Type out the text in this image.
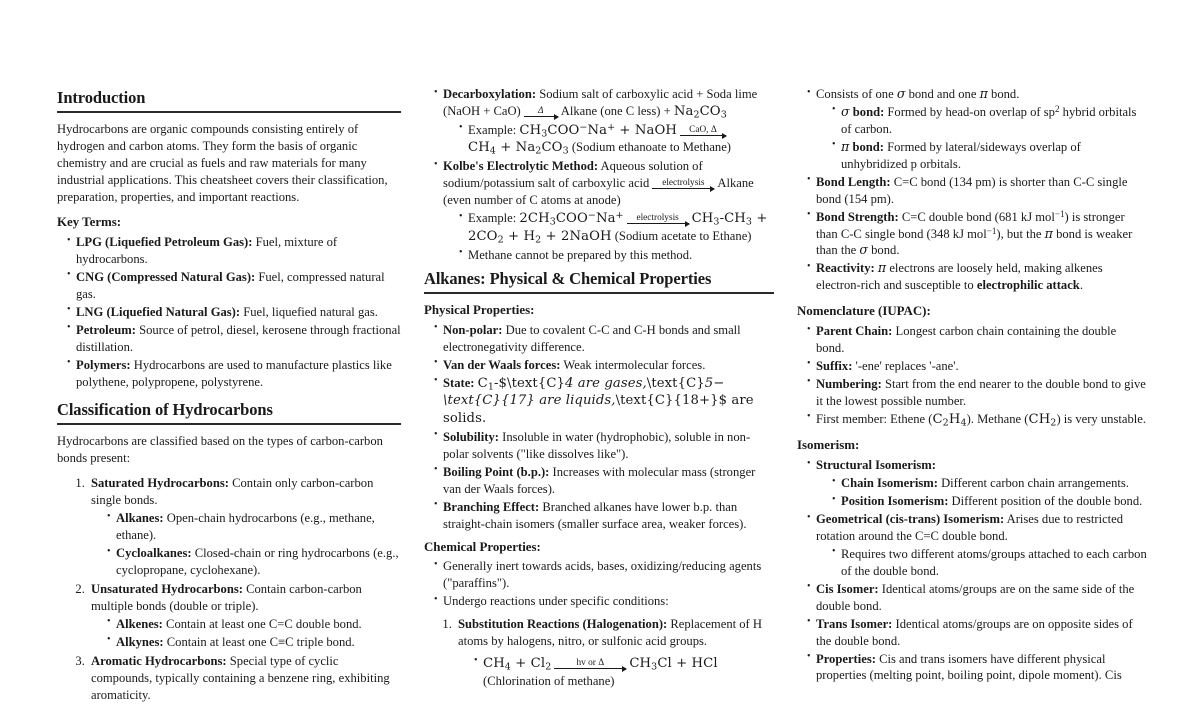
Introduction

Hydrocarbons are organic compounds consisting entirely of hydrogen and carbon atoms. They form the basis of organic chemistry and are crucial as fuels and raw materials for many industrial applications. This cheatsheet covers their classification, preparation, properties, and important reactions.

Key Terms:

• LPG (Liquefied Petroleum Gas): Fuel, mixture of hydrocarbons.
• CNG (Compressed Natural Gas): Fuel, compressed natural gas.
• LNG (Liquefied Natural Gas): Fuel, liquefied natural gas.
• Petroleum: Source of petrol, diesel, kerosene through fractional distillation.
• Polymers: Hydrocarbons are used to manufacture plastics like polythene, polypropene, polystyrene.
Classification of Hydrocarbons

Hydrocarbons are classified based on the types of carbon-carbon bonds present:

1. Saturated Hydrocarbons: Contain only carbon-carbon single bonds.
• Alkanes: Open-chain hydrocarbons (e.g., methane, ethane).
• Cycloalkanes: Closed-chain or ring hydrocarbons (e.g., cyclopropane, cyclohexane).
2. Unsaturated Hydrocarbons: Contain carbon-carbon multiple bonds (double or triple).
• Alkenes: Contain at least one C=C double bond.
• Alkynes: Contain at least one C≡C triple bond.
3. Aromatic Hydrocarbons: Special type of cyclic compounds, typically containing a benzene ring, exhibiting aromaticity.
• Decarboxylation: Sodium salt of carboxylic acid + Soda lime (NaOH + CaO)	Δ	Alkane (one C less) + $Na_2CO_3$
• Example: $CH_3COO^-Na^+$ + NaOH	CaO, Δ

$CH_4 + Na_2CO_3$ (Sodium ethanoate to Methane)
• Kolbe's Electrolytic Method: Aqueous solution of sodium/potassium salt of carboxylic acid	electrolysis	Alkane (even number of C atoms at anode)
• Example: $2CH_3COO^-Na^+$	electrolysis $CH_3-CH_3$ +
$2CO_2 + H_2$ + 2NaOH (Sodium acetate to Ethane)
• Methane cannot be prepared by this method.
Alkanes: Physical & Chemical Properties

Physical Properties:

• Non-polar: Due to covalent C-C and C-H bonds and small electronegativity difference.
• Van der Waals forces: Weak intermolecular forces.
• State: $C_1-\$\backslash text\{C\}4$ are gases,\text{C}5−\text{C}{17} are liquids,\text{C}{18+}$ are solids.
• Solubility: Insoluble in water (hydrophobic), soluble in non-polar solvents ("like dissolves like").
• Boiling Point (b.p.): Increases with molecular mass (stronger van der Waals forces).
• Branching Effect: Branched alkanes have lower b.p. than straight-chain isomers (smaller surface area, weaker forces).

Chemical Properties:

• Generally inert towards acids, bases, oxidizing/reducing agents ("paraffins").
• Undergo reactions under specific conditions:
1. Substitution Reactions (Halogenation): Replacement of H atoms by halogens, nitro, or sulfonic acid groups.
• $CH_4 + Cl_2$	hv or Δ	$CH_3Cl$ + HCl (Chlorination of methane)
• Consists of one σ bond and one π bond.
• σ bond: Formed by head-on overlap of $sp^2$ hybrid orbitals of carbon.
• π bond: Formed by lateral/sideways overlap of unhybridized p orbitals.
• Bond Length: C=C bond (134 pm) is shorter than C-C single bond (154 pm).
• Bond Strength: C=C double bond (681 kJ mol$^{-1}$) is stronger than C-C single bond (348 kJ mol$^{-1}$), but the π bond is weaker than the σ bond.
• Reactivity: π electrons are loosely held, making alkenes electron-rich and susceptible to electrophilic attack.

Nomenclature (IUPAC):

• Parent Chain: Longest carbon chain containing the double bond.
• Suffix: '-ene' replaces '-ane'.
• Numbering: Start from the end nearer to the double bond to give it the lowest possible number.
• First member: Ethene $(C_2H_4)$. Methane $(CH_2)$ is very unstable.

Isomerism:

• Structural Isomerism:
• Chain Isomerism: Different carbon chain arrangements.
• Position Isomerism: Different position of the double bond.
• Geometrical (cis-trans) Isomerism: Arises due to restricted rotation around the C=C double bond.
• Requires two different atoms/groups attached to each carbon of the double bond.
• Cis Isomer: Identical atoms/groups are on the same side of the double bond.
• Trans Isomer: Identical atoms/groups are on opposite sides of the double bond.
• Properties: Cis and trans isomers have different physical properties (melting point, boiling point, dipole moment). Cis
